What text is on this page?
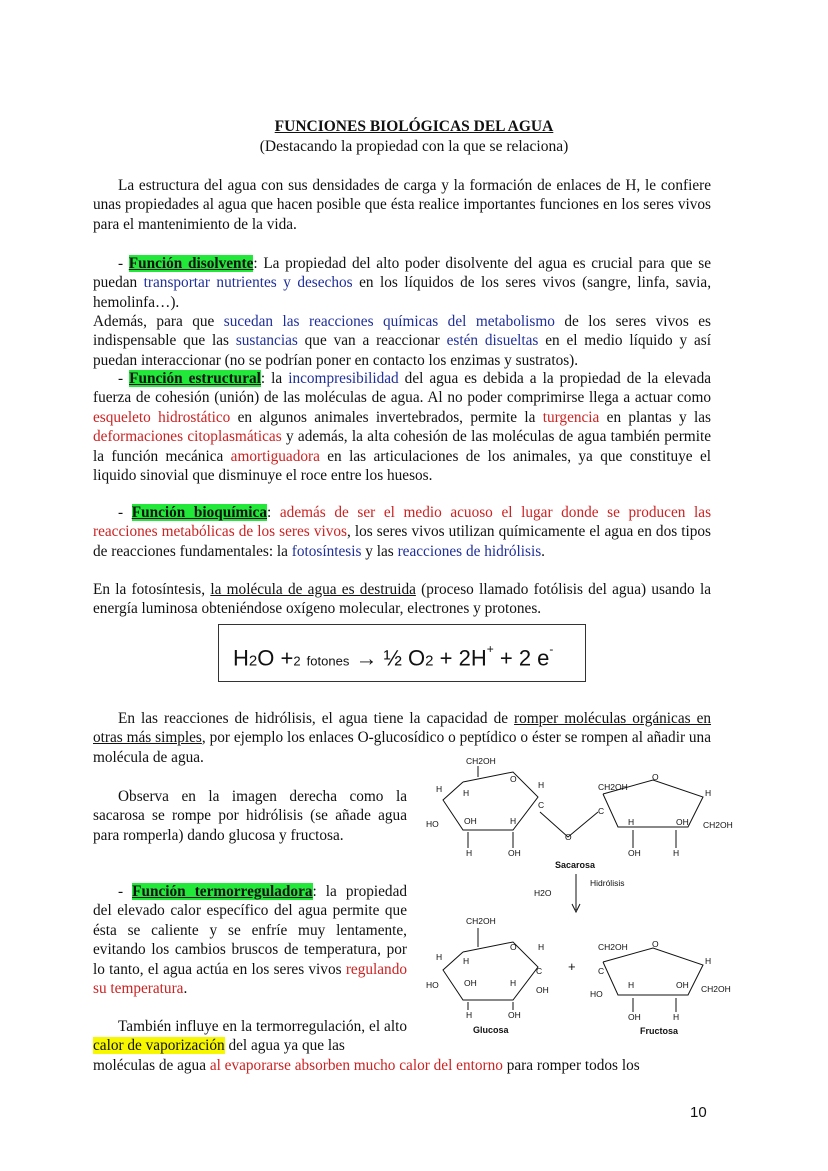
FUNCIONES BIOLÓGICAS DEL AGUA
(Destacando la propiedad con la que se relaciona)
La estructura del agua con sus densidades de carga y la formación de enlaces de H, le confiere unas propiedades al agua que hacen posible que ésta realice importantes funciones en los seres vivos para el mantenimiento de la vida.
- Función disolvente: La propiedad del alto poder disolvente del agua es crucial para que se puedan transportar nutrientes y desechos en los líquidos de los seres vivos (sangre, linfa, savia, hemolinfa…).
Además, para que sucedan las reacciones químicas del metabolismo de los seres vivos es indispensable que las sustancias que van a reaccionar estén disueltas en el medio líquido y así puedan interaccionar (no se podrían poner en contacto los enzimas y sustratos).
- Función estructural: la incompresibilidad del agua es debida a la propiedad de la elevada fuerza de cohesión (unión) de las moléculas de agua. Al no poder comprimirse llega a actuar como esqueleto hidrostático en algunos animales invertebrados, permite la turgencia en plantas y las deformaciones citoplasmáticas y además, la alta cohesión de las moléculas de agua también permite la función mecánica amortiguadora en las articulaciones de los animales, ya que constituye el liquido sinovial que disminuye el roce entre los huesos.
- Función bioquímica: además de ser el medio acuoso el lugar donde se producen las reacciones metabólicas de los seres vivos, los seres vivos utilizan químicamente el agua en dos tipos de reacciones fundamentales: la fotosíntesis y las reacciones de hidrólisis.
En la fotosíntesis, la molécula de agua es destruida (proceso llamado fotólisis del agua) usando la energía luminosa obteniéndose oxígeno molecular, electrones y protones.
H2O +2 fotones → ½ O2 + 2H+ + 2 e-
En las reacciones de hidrólisis, el agua tiene la capacidad de romper moléculas orgánicas en otras más simples, por ejemplo los enlaces O-glucosídico o peptídico o éster se rompen al añadir una molécula de agua.
Observa en la imagen derecha como la sacarosa se rompe por hidrólisis (se añade agua para romperla) dando glucosa y fructosa.
- Función termorreguladora: la propiedad del elevado calor específico del agua permite que ésta se caliente y se enfríe muy lentamente, evitando los cambios bruscos de temperatura, por lo tanto, el agua actúa en los seres vivos regulando su temperatura.
También influye en la termorregulación, el alto calor de vaporización del agua ya que las
moléculas de agua al evaporarse absorben mucho calor del entorno para romper todos los
CH2OH
O
H H
HO	OH	H
H
C
H	OH
O
CH2OH
O
C
H
H	OH CH2OH
OH	H
Sacarosa
Hidrólisis
H2O
CH2OH
O
H H
HO	OH	H
H
C
OH
H	OH
Glucosa
+
CH2OH	O
C
H
HO
H	OH CH2OH
OH	H
Fructosa
10
